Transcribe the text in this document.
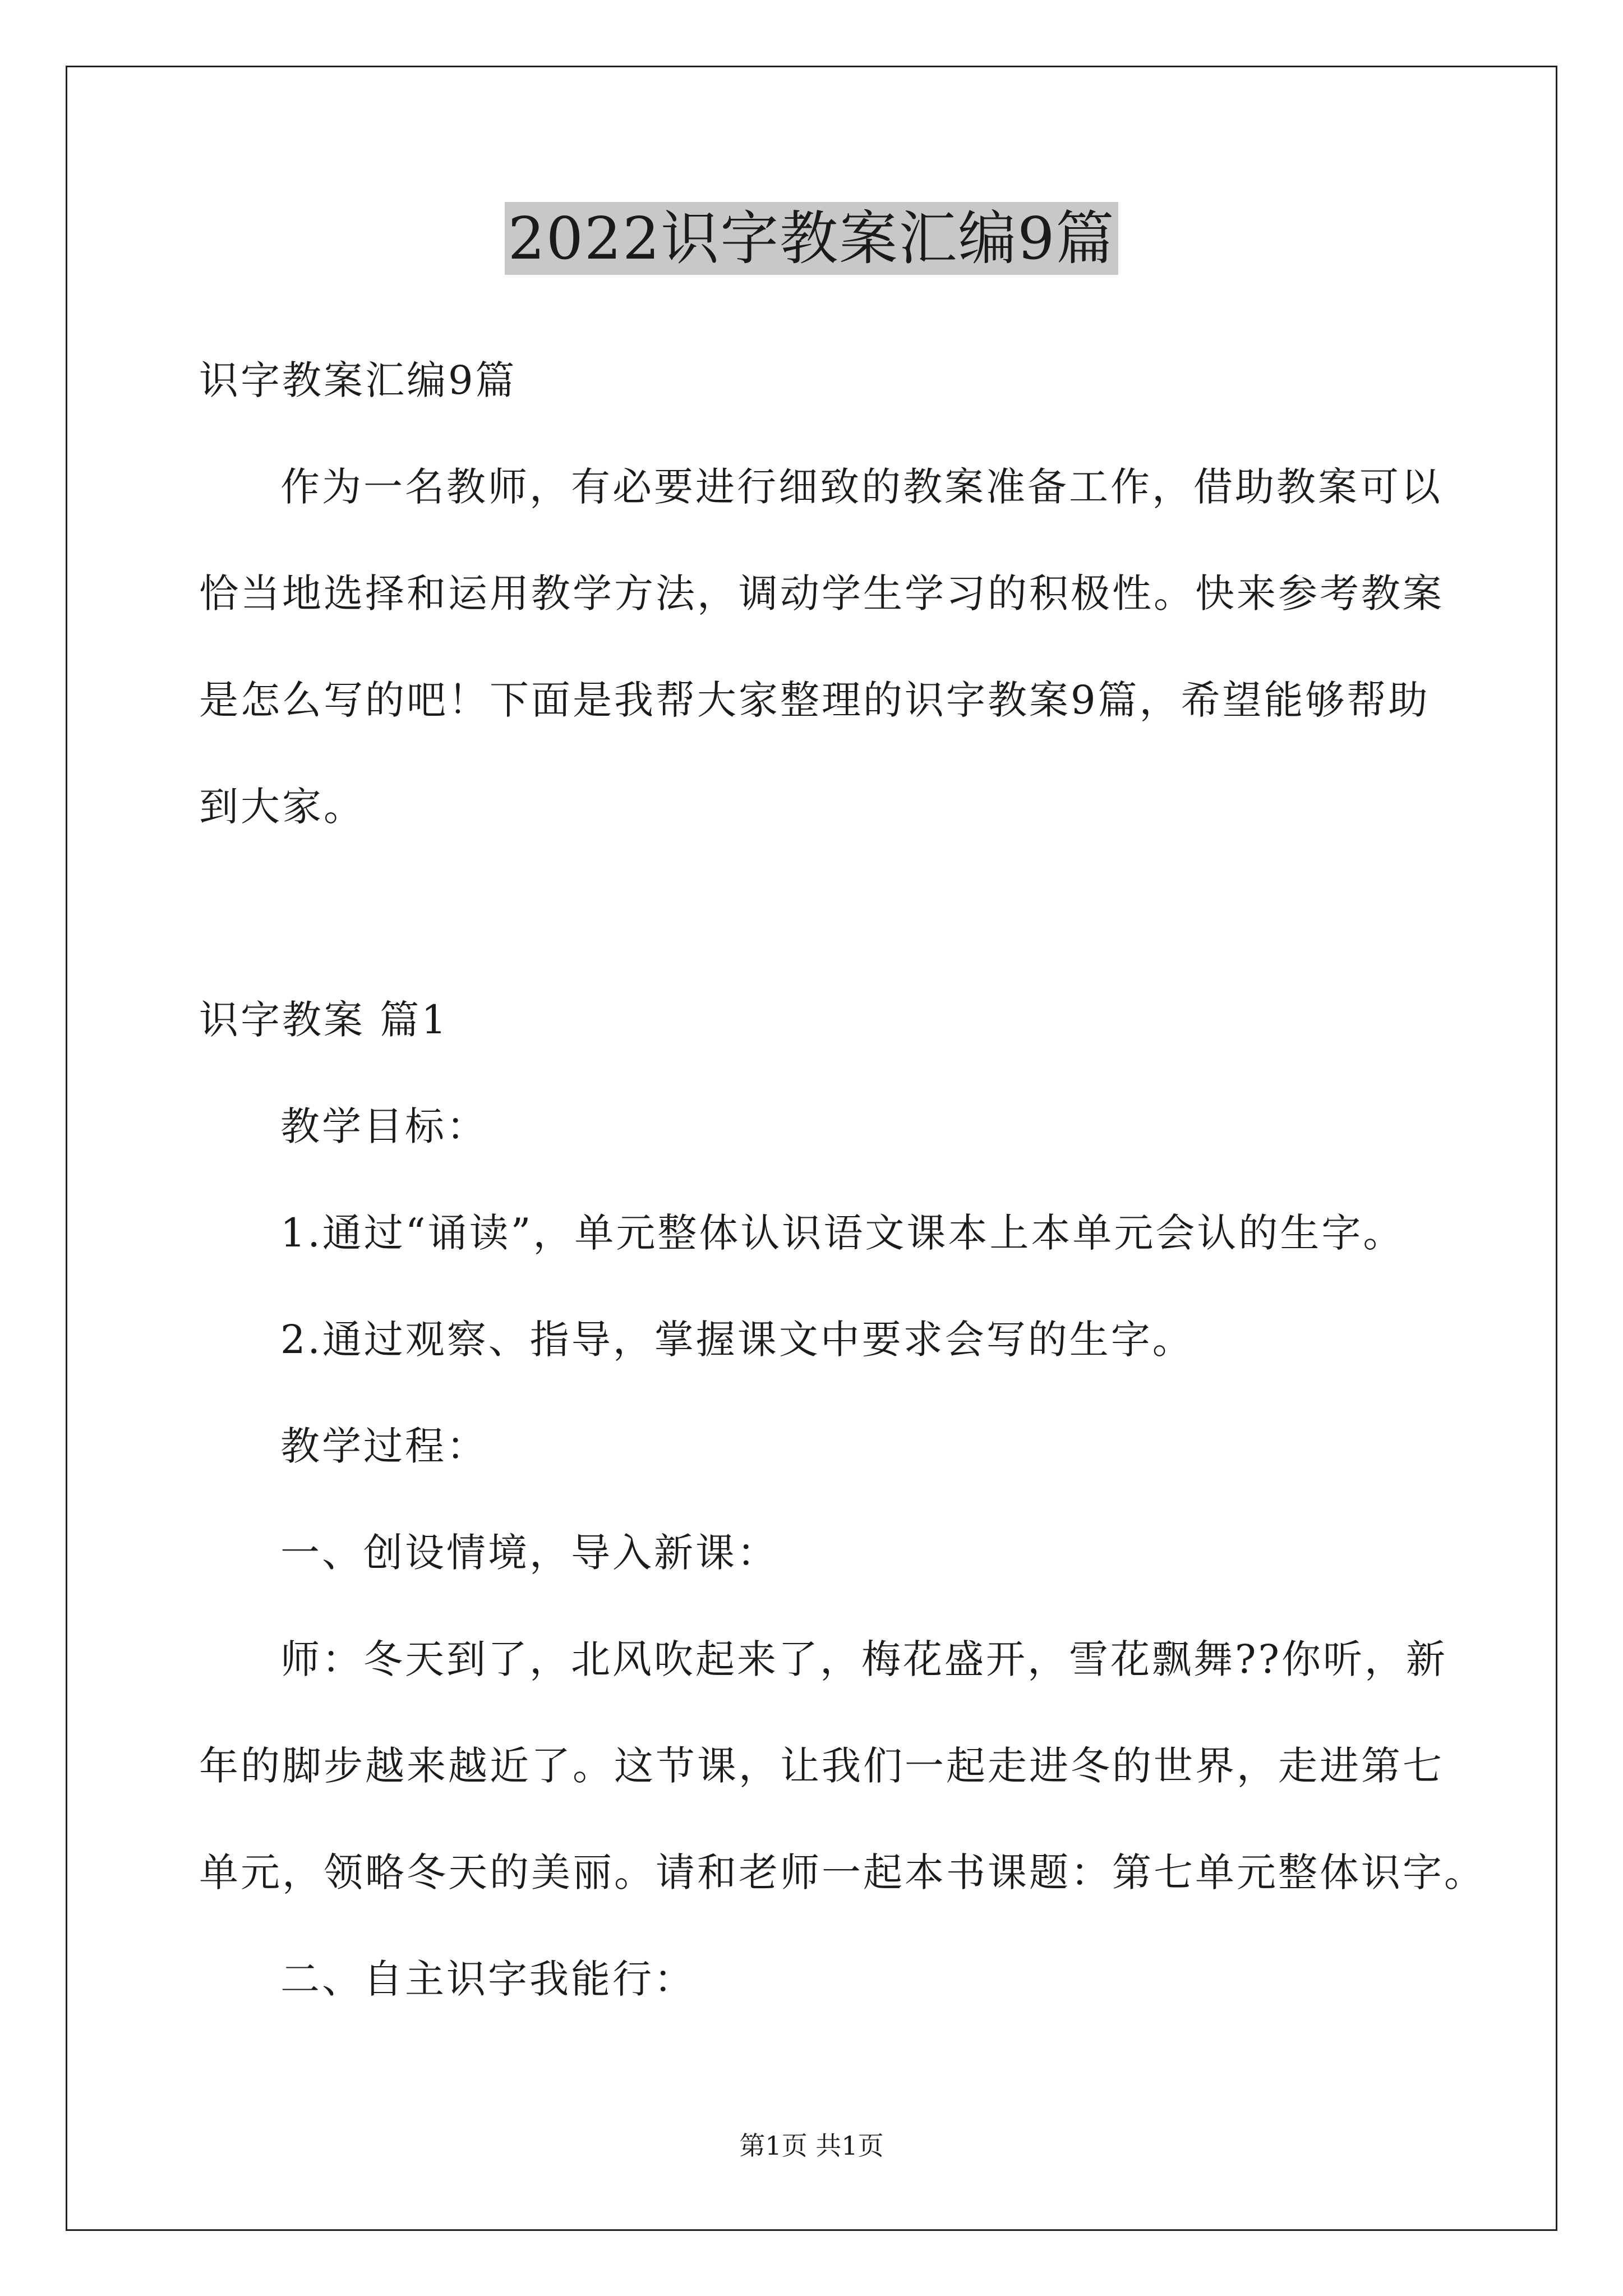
2022识字教案汇编9篇

识字教案汇编9篇

作为一名教师，有必要进行细致的教案准备工作，借助教案可以

恰当地选择和运用教学方法，调动学生学习的积极性。快来参考教案

是怎么写的吧！下面是我帮大家整理的识字教案9篇，希望能够帮助

到大家。

识字教案 篇1

教学目标：

1.通过“诵读”，单元整体认识语文课本上本单元会认的生字。

2.通过观察、指导，掌握课文中要求会写的生字。

教学过程：

一、创设情境，导入新课：

师：冬天到了，北风吹起来了，梅花盛开，雪花飘舞??你听，新

年的脚步越来越近了。这节课，让我们一起走进冬的世界，走进第七

单元，领略冬天的美丽。请和老师一起本书课题：第七单元整体识字。

二、自主识字我能行：

第1页 共1页
